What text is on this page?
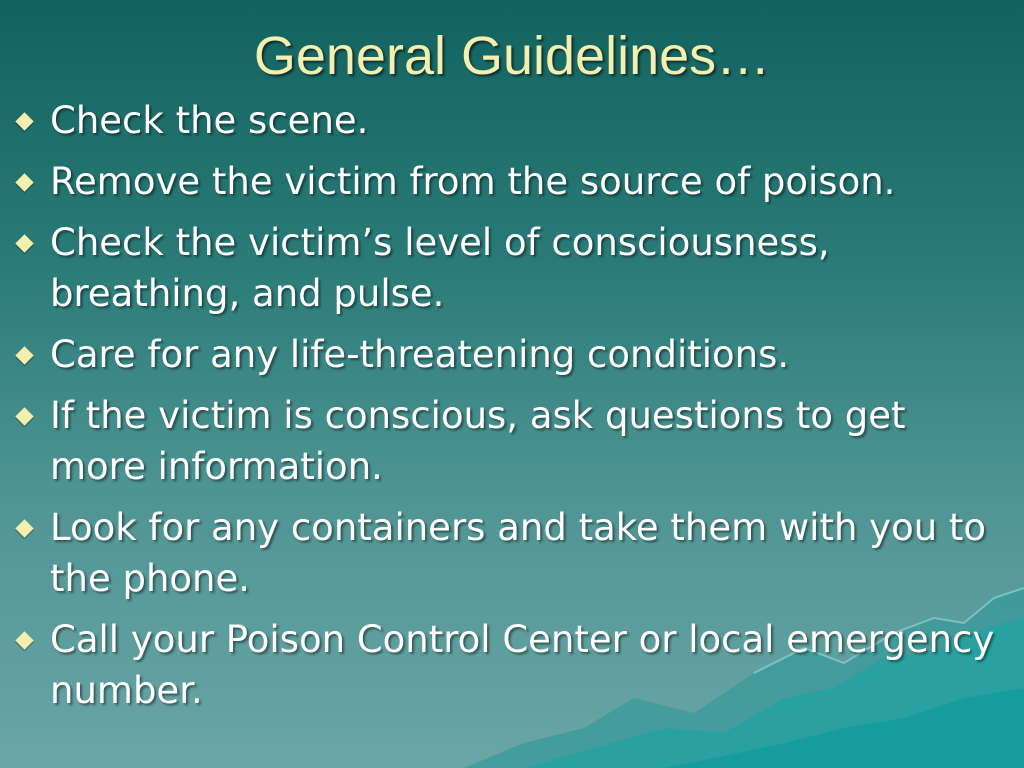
General Guidelines…
Check the scene.
Remove the victim from the source of poison.
Check the victim’s level of consciousness, breathing, and pulse.
Care for any life-threatening conditions.
If the victim is conscious, ask questions to get more information.
Look for any containers and take them with you to the phone.
Call your Poison Control Center or local emergency number.
